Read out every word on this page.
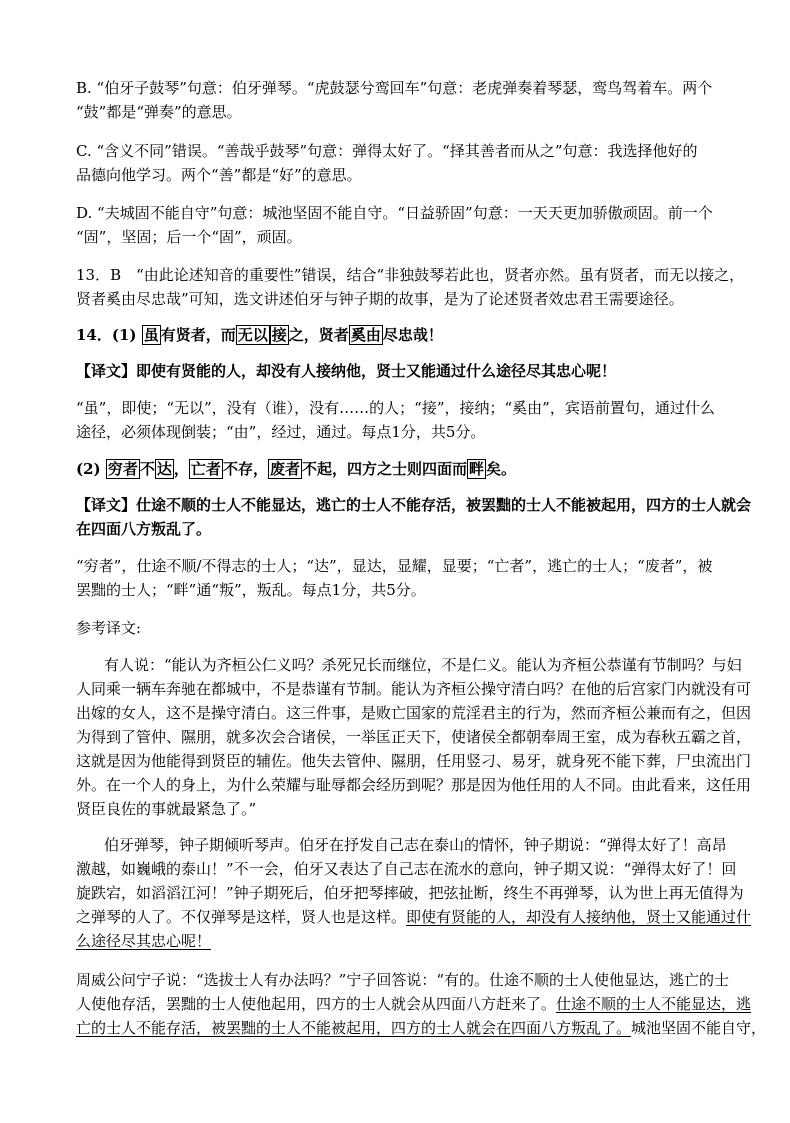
B. “伯牙子鼓琴”句意：伯牙弹琴。“虎鼓瑟兮鸾回车”句意：老虎弹奏着琴瑟，鸾鸟驾着车。两个
“鼓”都是“弹奏”的意思。
C. “含义不同”错误。“善哉乎鼓琴”句意：弹得太好了。“择其善者而从之”句意：我选择他好的
品德向他学习。两个“善”都是“好”的意思。
D. “夫城固不能自守”句意：城池坚固不能自守。“日益骄固”句意：一天天更加骄傲顽固。前一个
“固”，坚固；后一个“固”，顽固。
13．B　“由此论述知音的重要性”错误，结合“非独鼓琴若此也，贤者亦然。虽有贤者，而无以接之，
贤者奚由尽忠哉”可知，选文讲述伯牙与钟子期的故事，是为了论述贤者效忠君王需要途径。
14．(1) 虽 有贤者，而 无以 接 之，贤者 奚由 尽忠哉！
【译文】即使有贤能的人，却没有人接纳他，贤士又能通过什么途径尽其忠心呢！
“虽”，即使；“无以”，没有（谁），没有……的人；“接”，接纳；“奚由”，宾语前置句，通过什么
途径，必须体现倒装；“由”，经过，通过。每点1分，共5分。
(2) 穷者 不 达 ， 亡者 不存， 废者 不起，四方之士则四面而 畔 矣。
【译文】仕途不顺的士人不能显达，逃亡的士人不能存活，被罢黜的士人不能被起用，四方的士人就会
在四面八方叛乱了。
“穷者”，仕途不顺/不得志的士人；“达”，显达，显耀，显要；“亡者”，逃亡的士人；“废者”，被
罢黜的士人；“畔”通“叛”，叛乱。每点1分，共5分。
参考译文:
有人说：“能认为齐桓公仁义吗？杀死兄长而继位，不是仁义。能认为齐桓公恭谨有节制吗？与妇
人同乘一辆车奔驰在都城中，不是恭谨有节制。能认为齐桓公操守清白吗？在他的后宫家门内就没有可
出嫁的女人，这不是操守清白。这三件事，是败亡国家的荒淫君主的行为，然而齐桓公兼而有之，但因
为得到了管仲、隰朋，就多次会合诸侯，一举匡正天下，使诸侯全都朝奉周王室，成为春秋五霸之首，
这就是因为他能得到贤臣的辅佐。他失去管仲、隰朋，任用竖刁、易牙，就身死不能下葬，尸虫流出门
外。在一个人的身上，为什么荣耀与耻辱都会经历到呢？那是因为他任用的人不同。由此看来，这任用
贤臣良佐的事就最紧急了。”
伯牙弹琴，钟子期倾听琴声。伯牙在抒发自己志在泰山的情怀，钟子期说：“弹得太好了！高昂
激越，如巍峨的泰山！”不一会，伯牙又表达了自己志在流水的意向，钟子期又说：“弹得太好了！回
旋跌宕，如滔滔江河！”钟子期死后，伯牙把琴摔破，把弦扯断，终生不再弹琴，认为世上再无值得为
之弹琴的人了。不仅弹琴是这样，贤人也是这样。即使有贤能的人，却没有人接纳他，贤士又能通过什
么途径尽其忠心呢！
周威公问宁子说：“选拔士人有办法吗？”宁子回答说：“有的。仕途不顺的士人使他显达，逃亡的士
人使他存活，罢黜的士人使他起用，四方的士人就会从四面八方赶来了。仕途不顺的士人不能显达，逃
亡的士人不能存活，被罢黜的士人不能被起用，四方的士人就会在四面八方叛乱了。城池坚固不能自守，
